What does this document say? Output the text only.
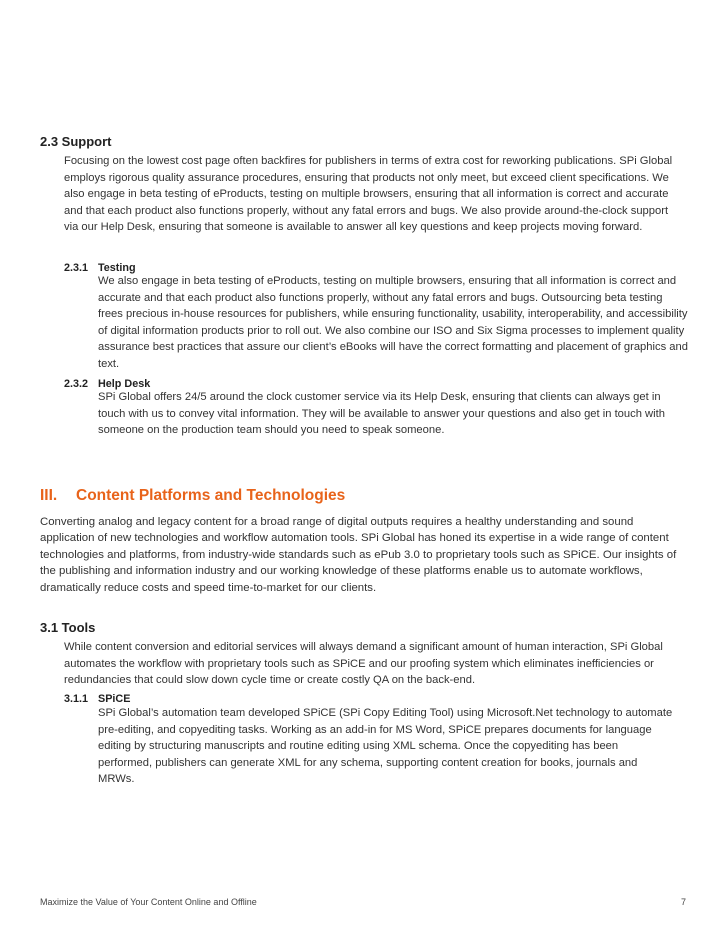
2.3 Support
Focusing on the lowest cost page often backfires for publishers in terms of extra cost for reworking publications. SPi Global employs rigorous quality assurance procedures, ensuring that products not only meet, but exceed client specifications. We also engage in beta testing of eProducts, testing on multiple browsers, ensuring that all information is correct and accurate and that each product also functions properly, without any fatal errors and bugs. We also provide around-the-clock support via our Help Desk, ensuring that someone is available to answer all key questions and keep projects moving forward.
2.3.1 Testing
We also engage in beta testing of eProducts, testing on multiple browsers, ensuring that all information is correct and accurate and that each product also functions properly, without any fatal errors and bugs. Outsourcing beta testing frees precious in-house resources for publishers, while ensuring functionality, usability, interoperability, and accessibility of digital information products prior to roll out. We also combine our ISO and Six Sigma processes to implement quality assurance best practices that assure our client’s eBooks will have the correct formatting and placement of graphics and text.
2.3.2 Help Desk
SPi Global offers 24/5 around the clock customer service via its Help Desk, ensuring that clients can always get in touch with us to convey vital information. They will be available to answer your questions and also get in touch with someone on the production team should you need to speak someone.
III. Content Platforms and Technologies
Converting analog and legacy content for a broad range of digital outputs requires a healthy understanding and sound application of new technologies and workflow automation tools. SPi Global has honed its expertise in a wide range of content technologies and platforms, from industry-wide standards such as ePub 3.0 to proprietary tools such as SPiCE. Our insights of the publishing and information industry and our working knowledge of these platforms enable us to automate workflows, dramatically reduce costs and speed time-to-market for our clients.
3.1 Tools
While content conversion and editorial services will always demand a significant amount of human interaction, SPi Global automates the workflow with proprietary tools such as SPiCE and our proofing system which eliminates inefficiencies or redundancies that could slow down cycle time or create costly QA on the back-end.
3.1.1 SPiCE
SPi Global’s automation team developed SPiCE (SPi Copy Editing Tool) using Microsoft.Net technology to automate pre-editing, and copyediting tasks. Working as an add-in for MS Word, SPiCE prepares documents for language editing by structuring manuscripts and routine editing using XML schema. Once the copyediting has been performed, publishers can generate XML for any schema, supporting content creation for books, journals and MRWs.
Maximize the Value of Your Content Online and Offline	7
